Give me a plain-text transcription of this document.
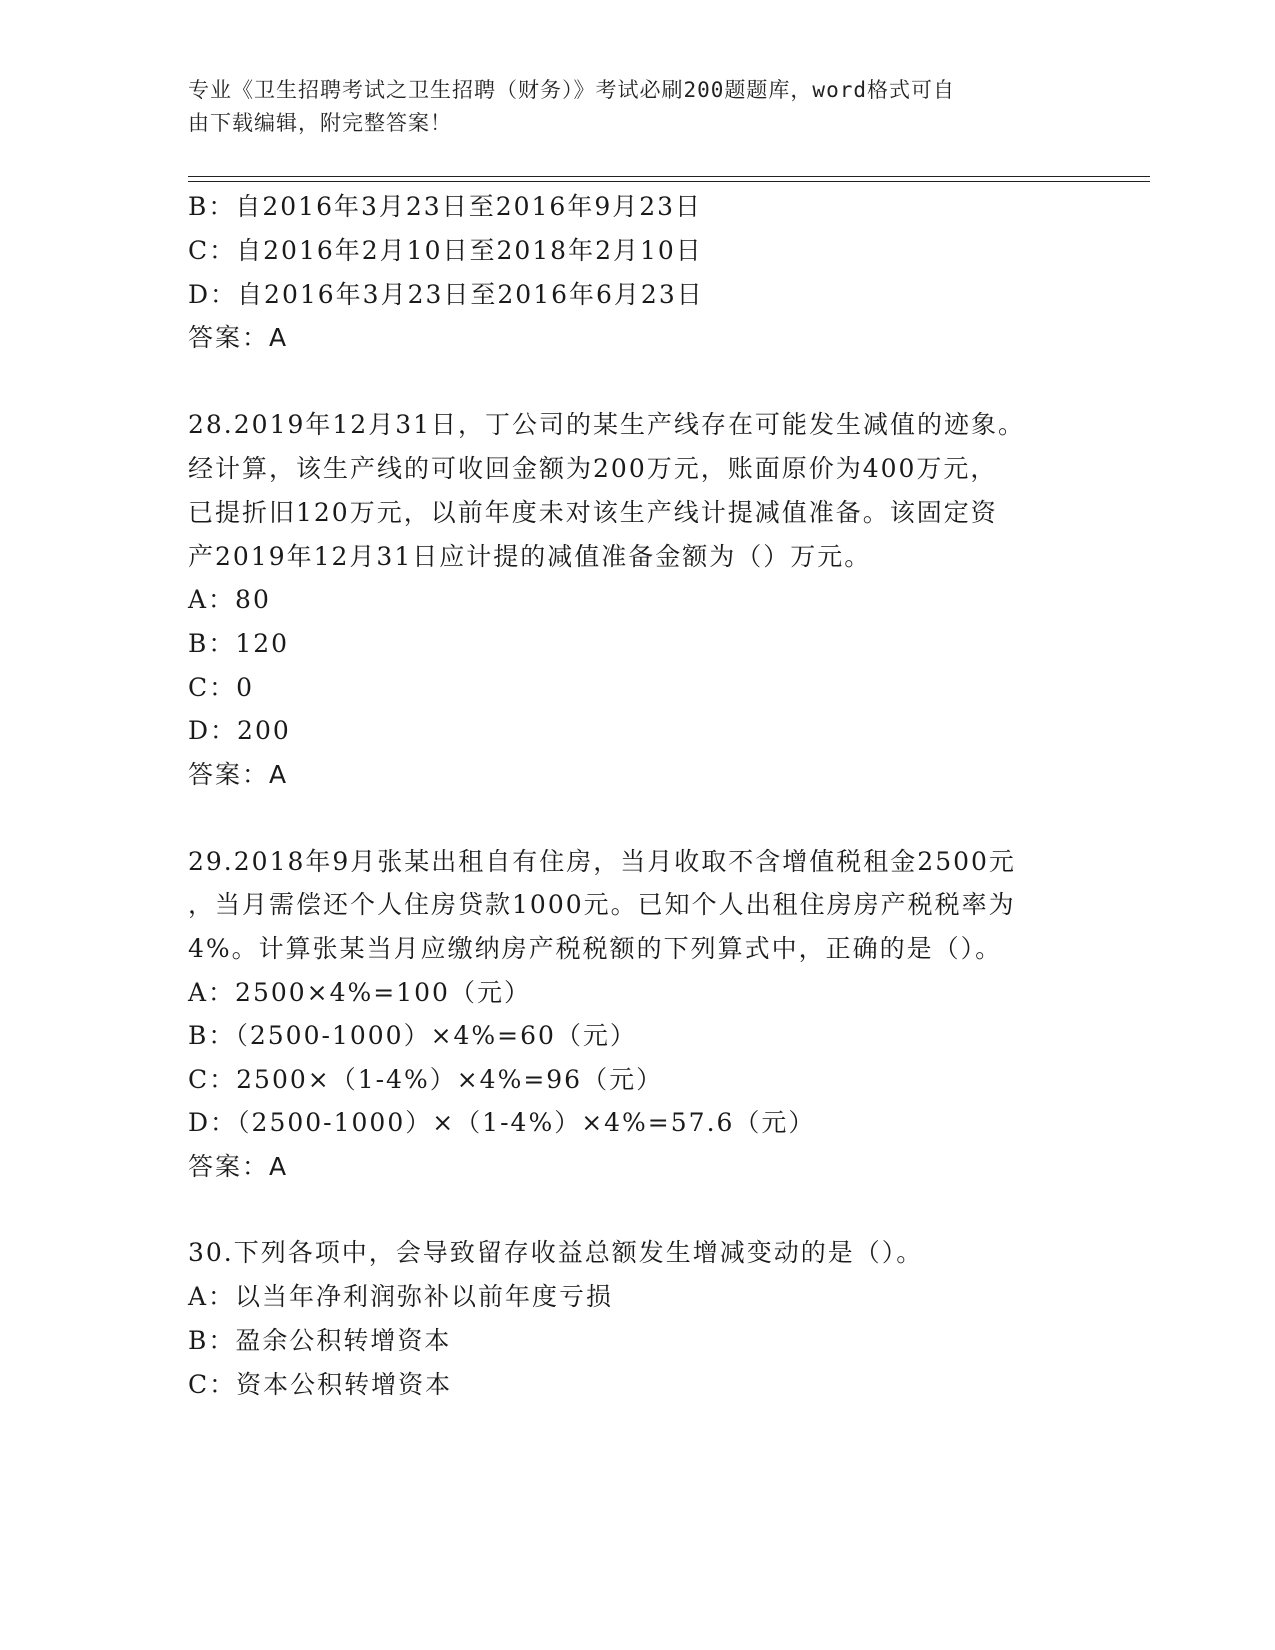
专业《卫生招聘考试之卫生招聘（财务）》考试必刷200题题库，word格式可自
由下载编辑，附完整答案！
B：自2016年3月23日至2016年9月23日
C：自2016年2月10日至2018年2月10日
D：自2016年3月23日至2016年6月23日
答案：A
28.2019年12月31日，丁公司的某生产线存在可能发生减值的迹象。
经计算，该生产线的可收回金额为200万元，账面原价为400万元，
已提折旧120万元，以前年度未对该生产线计提减值准备。该固定资
产2019年12月31日应计提的减值准备金额为（）万元。
A：80
B：120
C：0
D：200
答案：A
29.2018年9月张某出租自有住房，当月收取不含增值税租金2500元
，当月需偿还个人住房贷款1000元。已知个人出租住房房产税税率为
4%。计算张某当月应缴纳房产税税额的下列算式中，正确的是（）。
A：2500×4%=100（元）
B：（2500-1000）×4%=60（元）
C：2500×（1-4%）×4%=96（元）
D：（2500-1000）×（1-4%）×4%=57.6（元）
答案：A
30.下列各项中，会导致留存收益总额发生增减变动的是（）。
A：以当年净利润弥补以前年度亏损
B：盈余公积转增资本
C：资本公积转增资本
